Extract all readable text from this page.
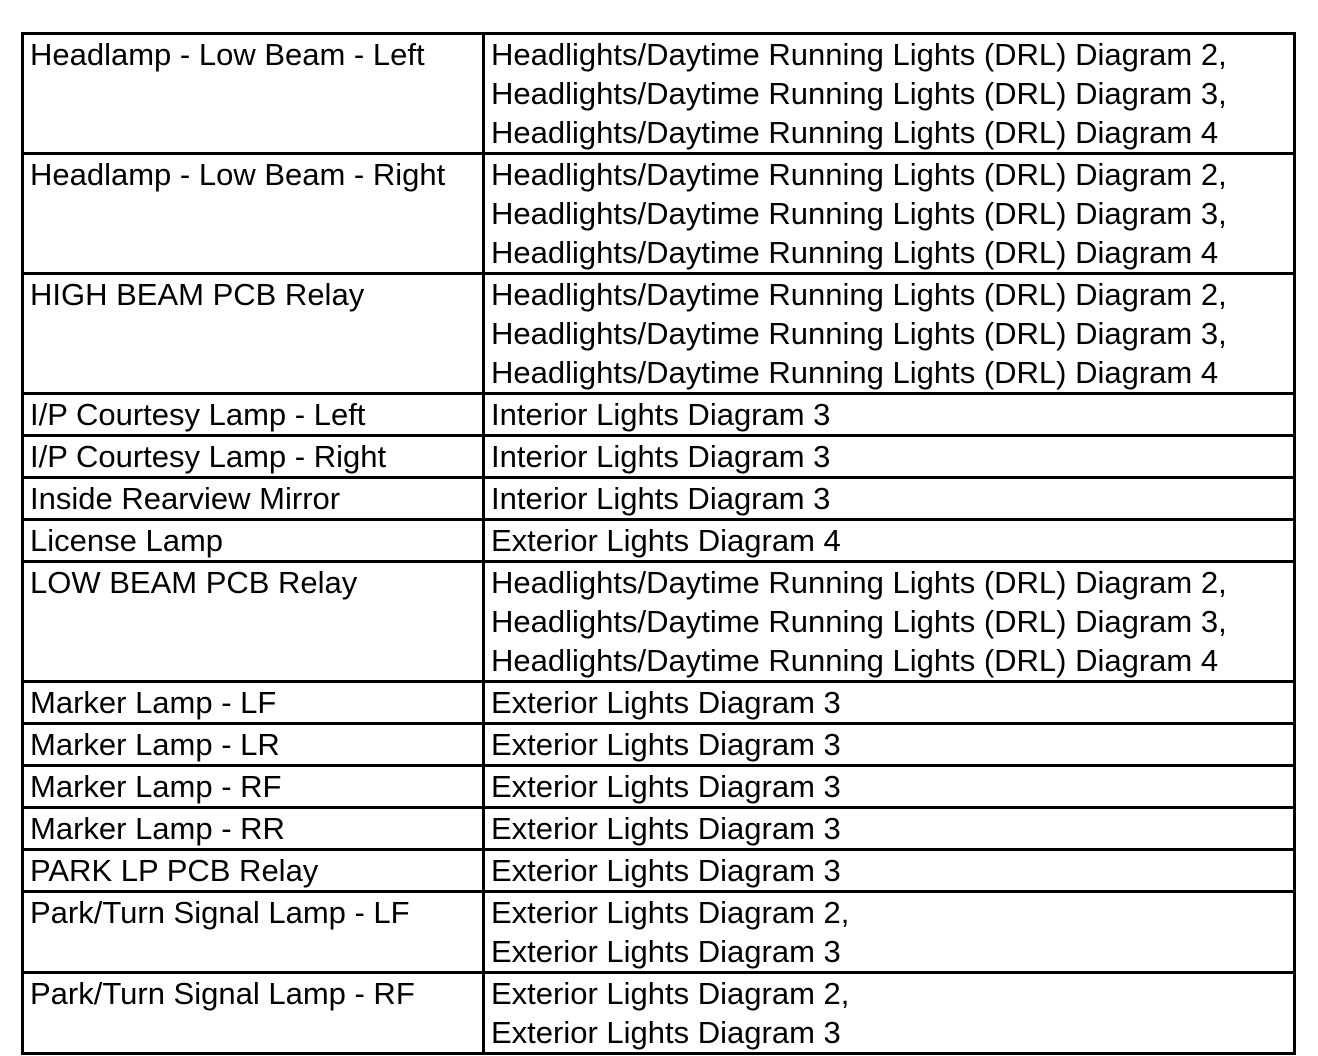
Headlamp - Low Beam - Left	Headlights/Daytime Running Lights (DRL) Diagram 2,
Headlights/Daytime Running Lights (DRL) Diagram 3,
Headlights/Daytime Running Lights (DRL) Diagram 4

Headlamp - Low Beam - Right	Headlights/Daytime Running Lights (DRL) Diagram 2,
Headlights/Daytime Running Lights (DRL) Diagram 3,
Headlights/Daytime Running Lights (DRL) Diagram 4

HIGH BEAM PCB Relay	Headlights/Daytime Running Lights (DRL) Diagram 2,
Headlights/Daytime Running Lights (DRL) Diagram 3,
Headlights/Daytime Running Lights (DRL) Diagram 4

I/P Courtesy Lamp - Left	Interior Lights Diagram 3

I/P Courtesy Lamp - Right	Interior Lights Diagram 3

Inside Rearview Mirror	Interior Lights Diagram 3

License Lamp	Exterior Lights Diagram 4

LOW BEAM PCB Relay	Headlights/Daytime Running Lights (DRL) Diagram 2,
Headlights/Daytime Running Lights (DRL) Diagram 3,
Headlights/Daytime Running Lights (DRL) Diagram 4

Marker Lamp - LF	Exterior Lights Diagram 3

Marker Lamp - LR	Exterior Lights Diagram 3

Marker Lamp - RF	Exterior Lights Diagram 3

Marker Lamp - RR	Exterior Lights Diagram 3

PARK LP PCB Relay	Exterior Lights Diagram 3

Park/Turn Signal Lamp - LF	Exterior Lights Diagram 2,
Exterior Lights Diagram 3

Park/Turn Signal Lamp - RF	Exterior Lights Diagram 2,
Exterior Lights Diagram 3
